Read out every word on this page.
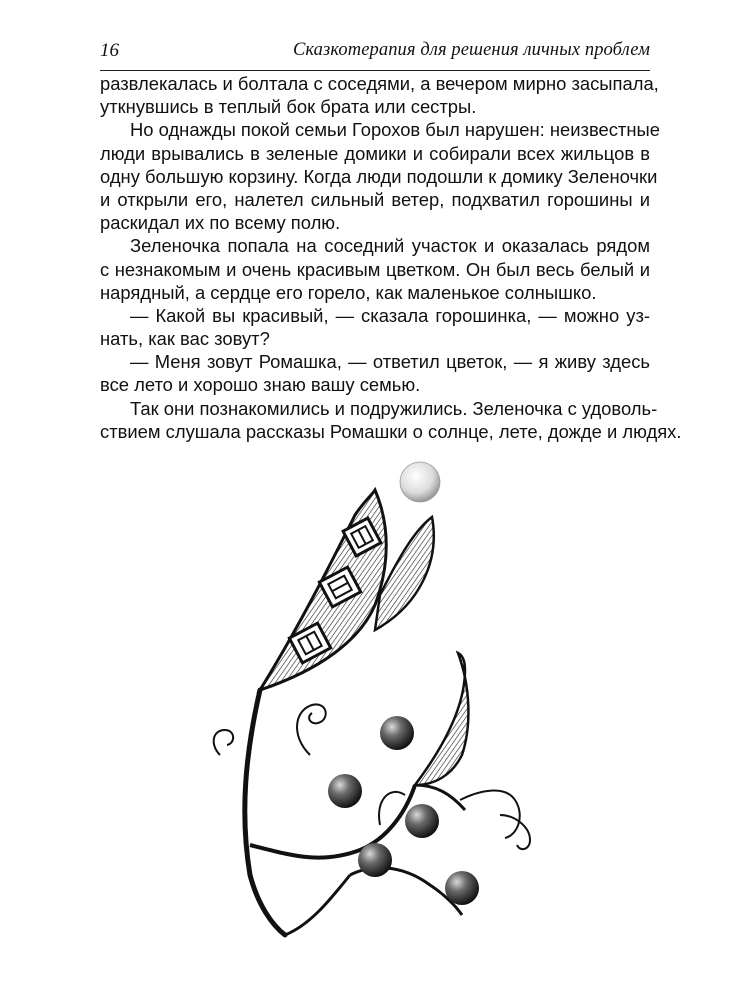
16	Сказкотерапия для решения личных проблем
развлекалась и болтала с соседями, а вечером мирно засыпала,
уткнувшись в теплый бок брата или сестры.
Но однажды покой семьи Горохов был нарушен: неизвестные
люди врывались в зеленые домики и собирали всех жильцов в
одну большую корзину. Когда люди подошли к домику Зеленочки
и открыли его, налетел сильный ветер, подхватил горошины и
раскидал их по всему полю.
Зеленочка попала на соседний участок и оказалась рядом
с незнакомым и очень красивым цветком. Он был весь белый и
нарядный, а сердце его горело, как маленькое солнышко.
— Какой вы красивый, — сказала горошинка, — можно уз-
нать, как вас зовут?
— Меня зовут Ромашка, — ответил цветок, — я живу здесь
все лето и хорошо знаю вашу семью.
Так они познакомились и подружились. Зеленочка с удоволь-
ствием слушала рассказы Ромашки о солнце, лете, дожде и людях.
